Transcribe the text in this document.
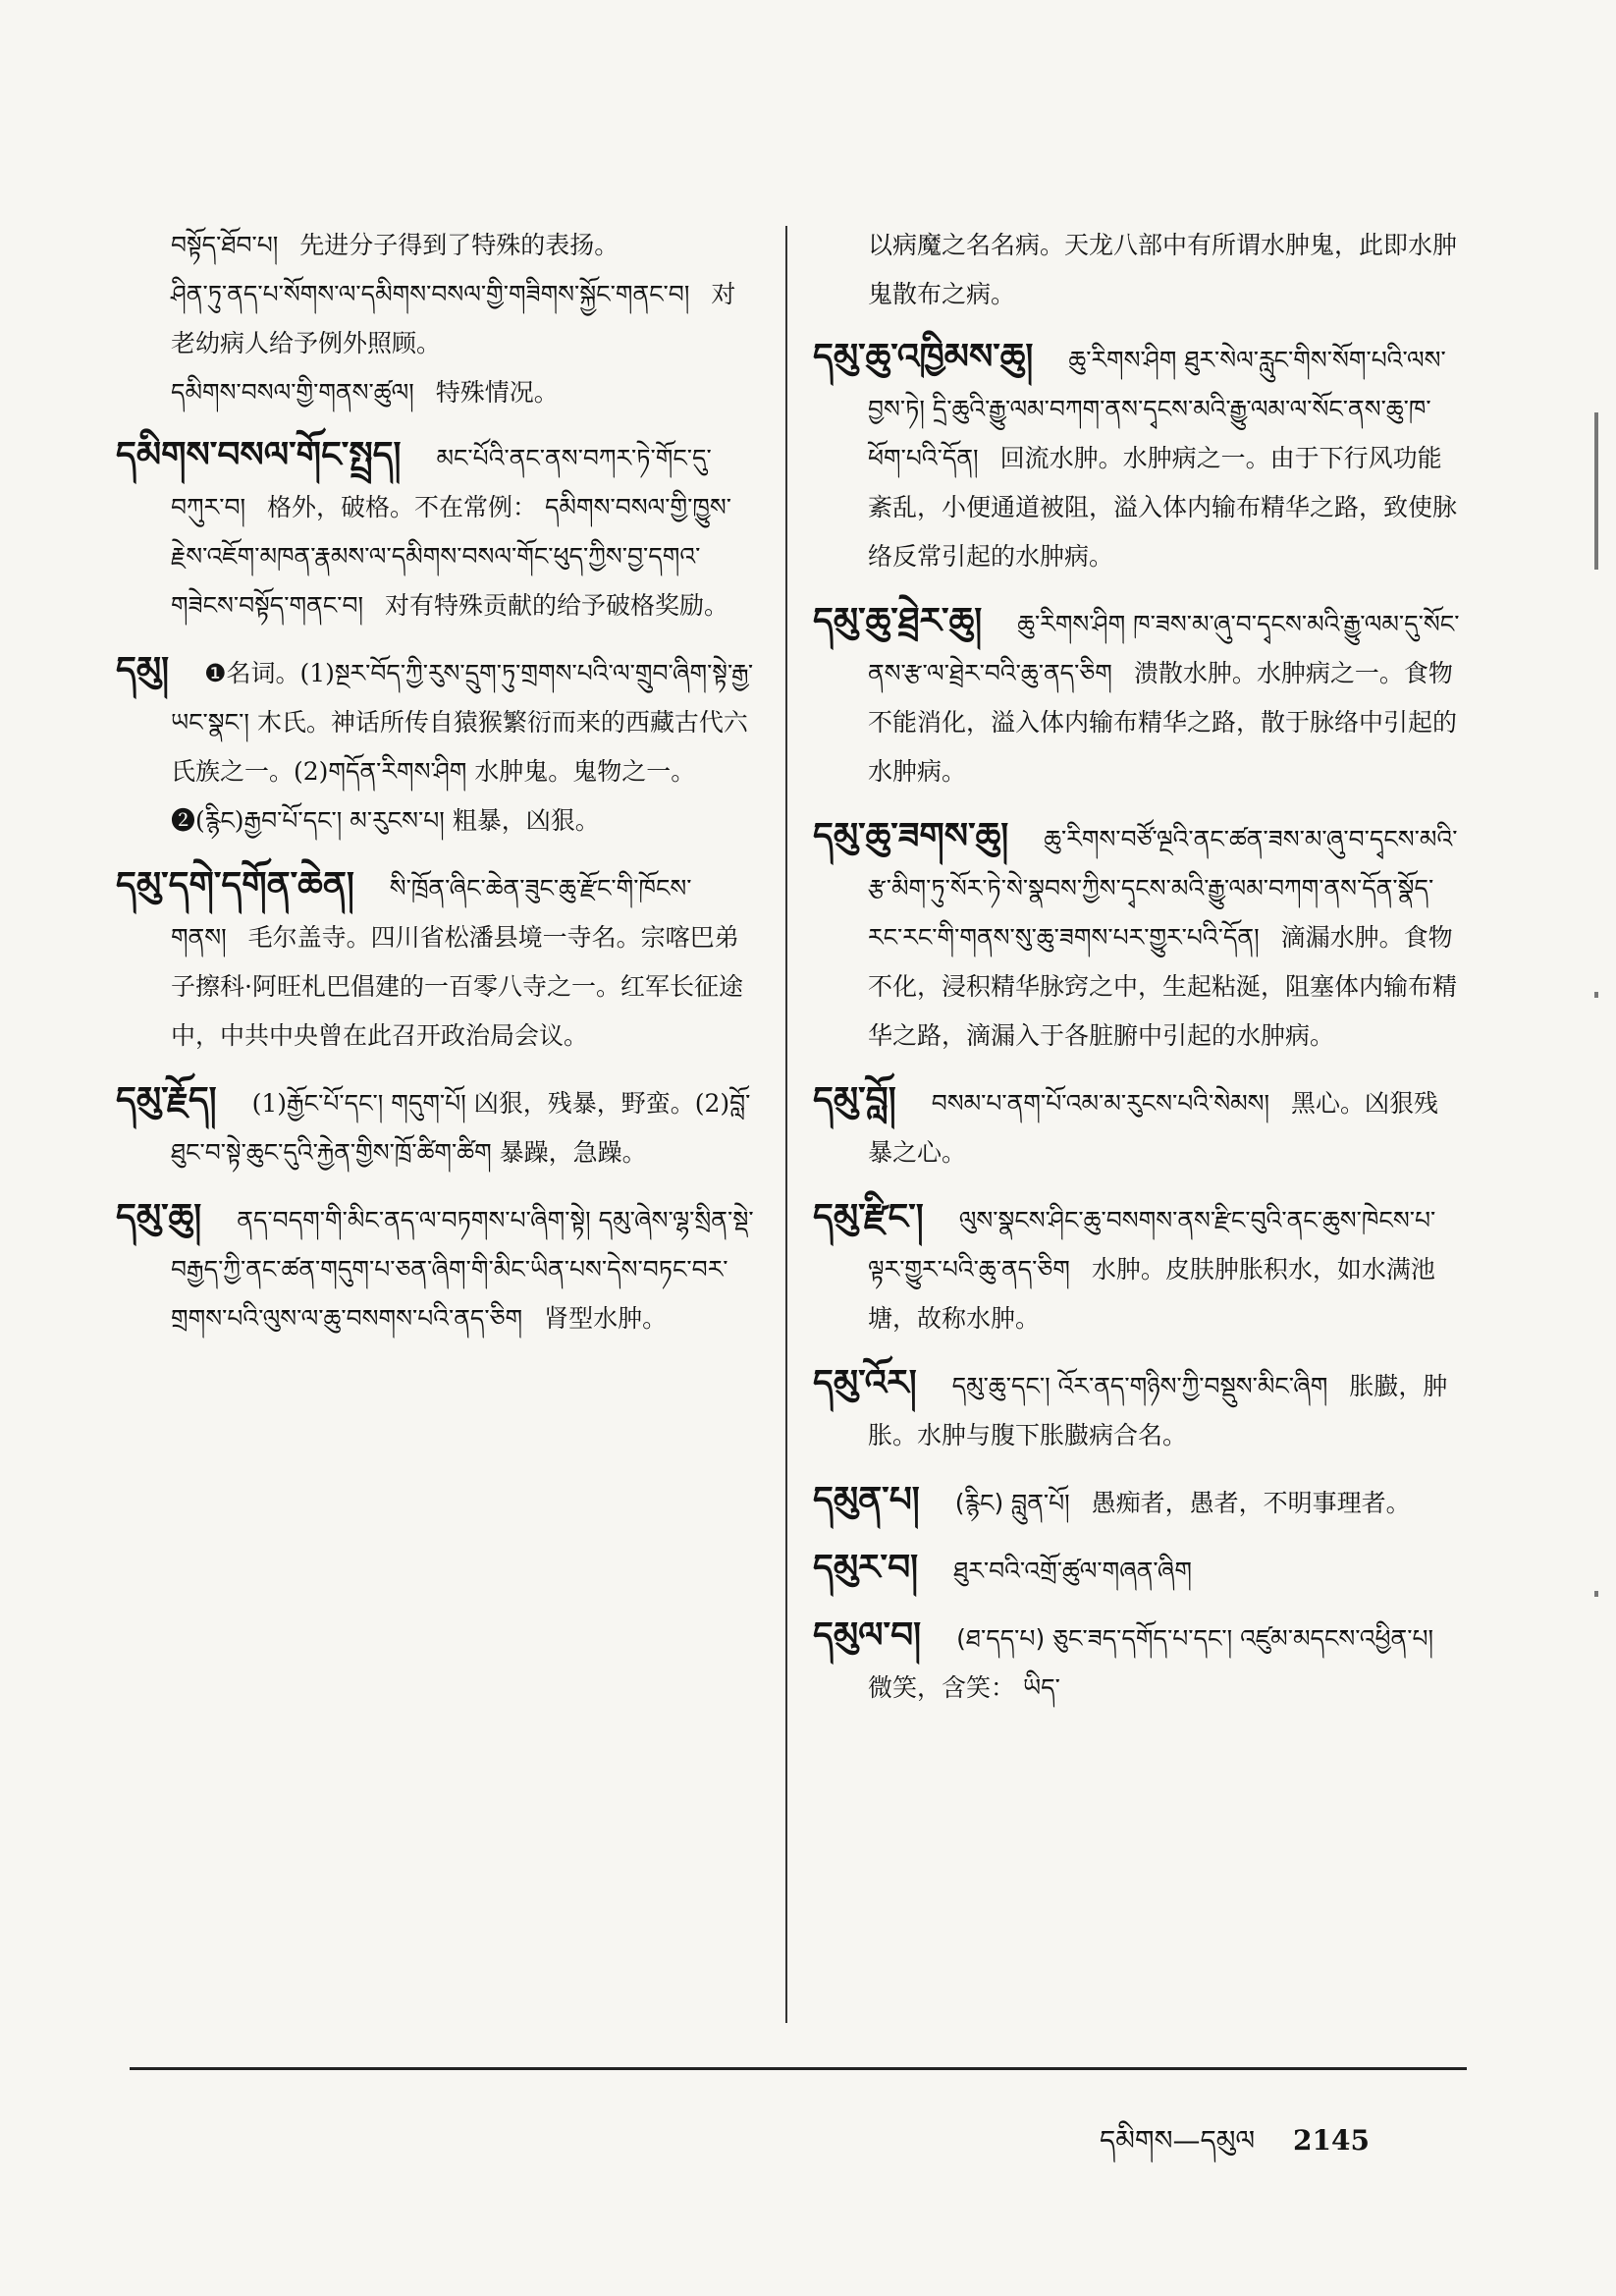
བསྟོད་ཐོབ་པ། 先进分子得到了特殊的表扬。
ཤིན་ཏུ་ནད་པ་སོགས་ལ་དམིགས་བསལ་གྱི་གཟིགས་སྐྱོང་གནང་བ། 对老幼病人给予例外照顾。
དམིགས་བསལ་གྱི་གནས་ཚུལ། 特殊情况。
དམིགས་བསལ་གོང་སྤྲད། མང་པོའི་ནང་ནས་བཀར་ཏེ་གོང་དུ་བཀུར་བ། 格外，破格。不在常例： དམིགས་བསལ་གྱི་ཁྱུས་རྗེས་འཇོག་མཁན་རྣམས་ལ་དམིགས་བསལ་གོང་ཕུད་ཀྱིས་བྱ་དགའ་གཟེངས་བསྟོད་གནང་བ། 对有特殊贡献的给予破格奖励。
དམུ། ❶名词。(1)སྔར་བོད་ཀྱི་རུས་དྲུག་ཏུ་གྲགས་པའི་ལ་གྲུབ་ཞིག་སྟེ་རྒྱ་ཡང་སྣང་། 木氏。神话所传自猿猴繁衍而来的西藏古代六氏族之一。(2)གདོན་རིགས་ཤིག 水肿鬼。鬼物之一。❷(རྙིང)རྒྱབ་པོ་དང་། མ་རུངས་པ། 粗暴，凶狠。
དམུ་དགེ་དགོན་ཆེན། སི་ཁྲོན་ཞིང་ཆེན་ཟུང་ཆུ་རྫོང་གི་ཁོངས་གནས། 毛尔盖寺。四川省松潘县境一寺名。宗喀巴弟子擦科·阿旺札巴倡建的一百零八寺之一。红军长征途中，中共中央曾在此召开政治局会议。
དམུ་རྗོད། (1)རྒྱོང་པོ་དང་། གདུག་པོ། 凶狠，残暴，野蛮。(2)བློ་ཐུང་བ་སྟེ་ཆུང་དུའི་རྐྱེན་གྱིས་ཁྲོ་ཚིག་ཚིག 暴躁，急躁。
དམུ་ཆུ། ནད་བདག་གི་མིང་ནད་ལ་བཏགས་པ་ཞིག་སྟེ། དམུ་ཞེས་ལྷ་སྲིན་སྡེ་བརྒྱད་ཀྱི་ནང་ཚན་གདུག་པ་ཅན་ཞིག་གི་མིང་ཡིན་པས་དེས་བཏང་བར་གྲགས་པའི་ལུས་ལ་ཆུ་བསགས་པའི་ནད་ཅིག 肾型水肿。
以病魔之名名病。天龙八部中有所谓水肿鬼，此即水肿鬼散布之病。
དམུ་ཆུ་འཁྱིམས་ཆུ། ཆུ་རིགས་ཤིག ཐུར་སེལ་རླུང་གིས་སོག་པའི་ལས་བྱས་ཏེ། དྲི་ཆུའི་རྒྱུ་ལམ་བཀག་ནས་དྭངས་མའི་རྒྱུ་ལམ་ལ་སོང་ནས་ཆུ་ཁ་ཕོག་པའི་དོན། 回流水肿。水肿病之一。由于下行风功能紊乱，小便通道被阻，溢入体内输布精华之路，致使脉络反常引起的水肿病。
དམུ་ཆུ་ཐྲེར་ཆུ། ཆུ་རིགས་ཤིག ཁ་ཟས་མ་ཞུ་བ་དྭངས་མའི་རྒྱུ་ལམ་དུ་སོང་ནས་རྩ་ལ་ཐྲེར་བའི་ཆུ་ནད་ཅིག 溃散水肿。水肿病之一。食物不能消化，溢入体内输布精华之路，散于脉络中引起的水肿病。
དམུ་ཆུ་ཟགས་ཆུ། ཆུ་རིགས་བཙོ་ལྔའི་ནང་ཚན་ཟས་མ་ཞུ་བ་དྭངས་མའི་རྩ་མིག་ཏུ་སོར་ཏེ་སེ་སྣབས་ཀྱིས་དྭངས་མའི་རྒྱུ་ལམ་བཀག་ནས་དོན་སྣོད་རང་རང་གི་གནས་སུ་ཆུ་ཟགས་པར་གྱུར་པའི་དོན། 滴漏水肿。食物不化，浸积精华脉窍之中，生起粘涎，阻塞体内输布精华之路，滴漏入于各脏腑中引起的水肿病。
དམུ་བློ། བསམ་པ་ནག་པོ་འམ་མ་རུངས་པའི་སེམས། 黑心。凶狠残暴之心。
དམུ་རྫིང་། ལུས་སྣངས་ཤིང་ཆུ་བསགས་ནས་རྫིང་བུའི་ནང་ཆུས་ཁེངས་པ་ལྟར་གྱུར་པའི་ཆུ་ནད་ཅིག 水肿。皮肤肿胀积水，如水满池塘，故称水肿。
དམུ་འོར། དམུ་ཆུ་དང་། འོར་ནད་གཉིས་ཀྱི་བསྡུས་མིང་ཞིག 胀臌，肿胀。水肿与腹下胀臌病合名。
དམུན་པ། (རྙིང) བླུན་པོ། 愚痴者，愚者，不明事理者。
དམུར་བ། ཐུར་བའི་འགྲོ་ཚུལ་གཞན་ཞིག
དམུལ་བ། (ཐ་དད་པ) ཅུང་ཟད་དགོད་པ་དང་། འཛུམ་མདངས་འཕྱིན་པ། 微笑，含笑： ཡིད་
དམིགས—དམུལ 2145
